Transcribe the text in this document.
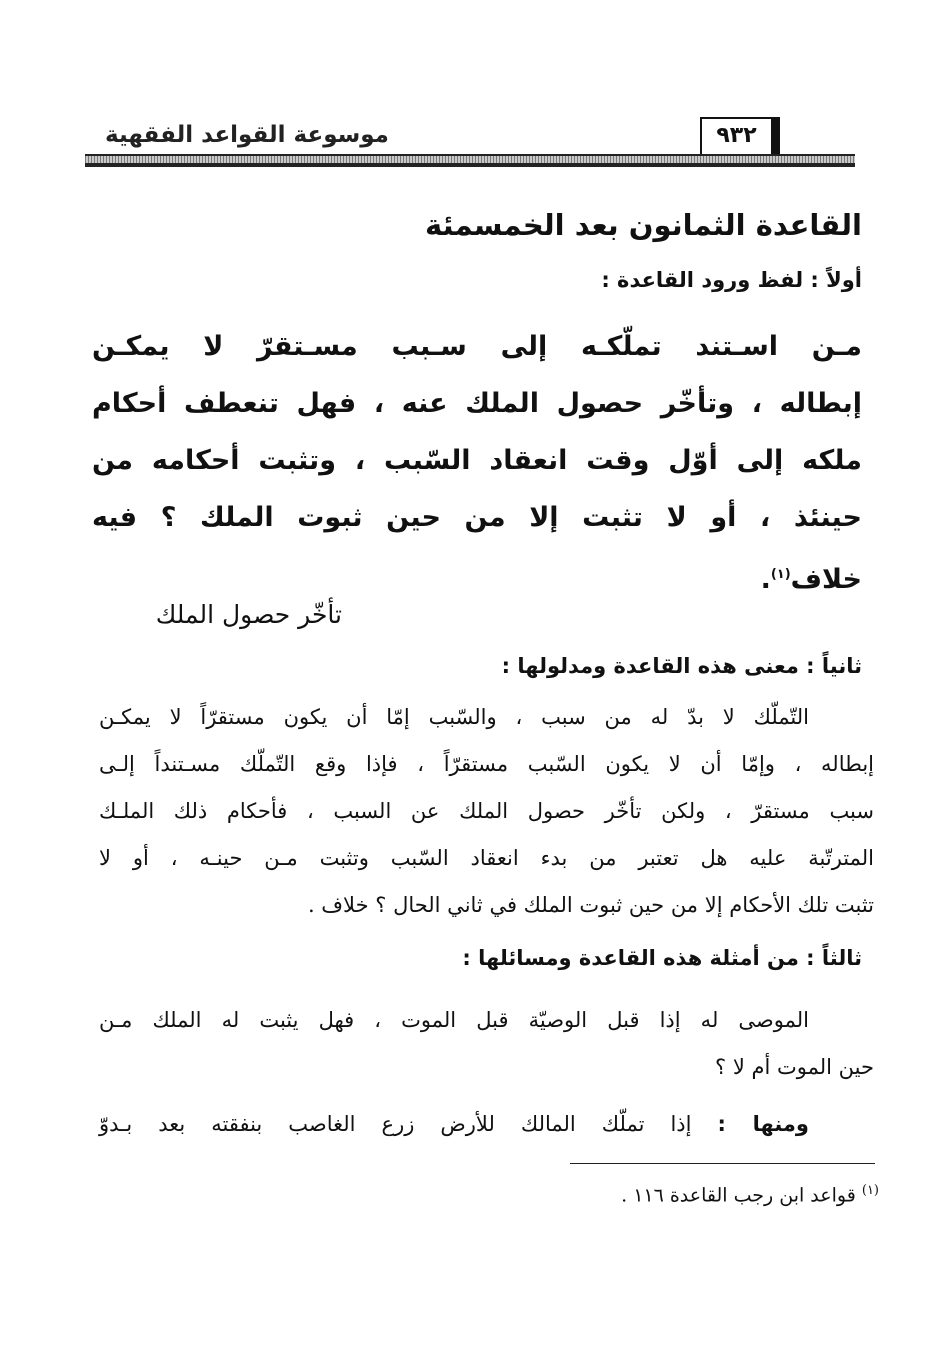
موسوعة القواعد الفقهية	٩٣٢
القاعدة الثمانون بعد الخمسمئة
أولاً : لفظ ورود القاعدة :
مـن اسـتند تملّكـه إلى سـبب مسـتقرّ لا يمكـن
إبطاله ، وتأخّر حصول الملك عنه ، فهل تنعطف أحكام
ملكه إلى أوّل وقت انعقاد السّبب ، وتثبت أحكامه من
حينئذ ، أو لا تثبت إلا من حين ثبوت الملك ؟ فيه
خلاف$^{(١)}$.
تأخّر حصول الملك
ثانياً : معنى هذه القاعدة ومدلولها :
التّملّك لا بدّ له من سبب ، والسّبب إمّا أن يكون مستقرّاً لا يمكـن
إبطاله ، وإمّا أن لا يكون السّبب مستقرّاً ، فإذا وقع التّملّك مسـتنداً إلـى
سبب مستقرّ ، ولكن تأخّر حصول الملك عن السبب ، فأحكام ذلك الملـك
المترتّبة عليه هل تعتبر من بدء انعقاد السّبب وتثبت مـن حينـه ، أو لا
تثبت تلك الأحكام إلا من حين ثبوت الملك في ثاني الحال ؟ خلاف .
ثالثاً : من أمثلة هذه القاعدة ومسائلها :
الموصى له إذا قبل الوصيّة قبل الموت ، فهل يثبت له الملك مـن
حين الموت أم لا ؟
ومنها : إذا تملّك المالك للأرض زرع الغاصب بنفقته بعد بـدوّ
$^{(١)}$ قواعد ابن رجب القاعدة ١١٦ .
